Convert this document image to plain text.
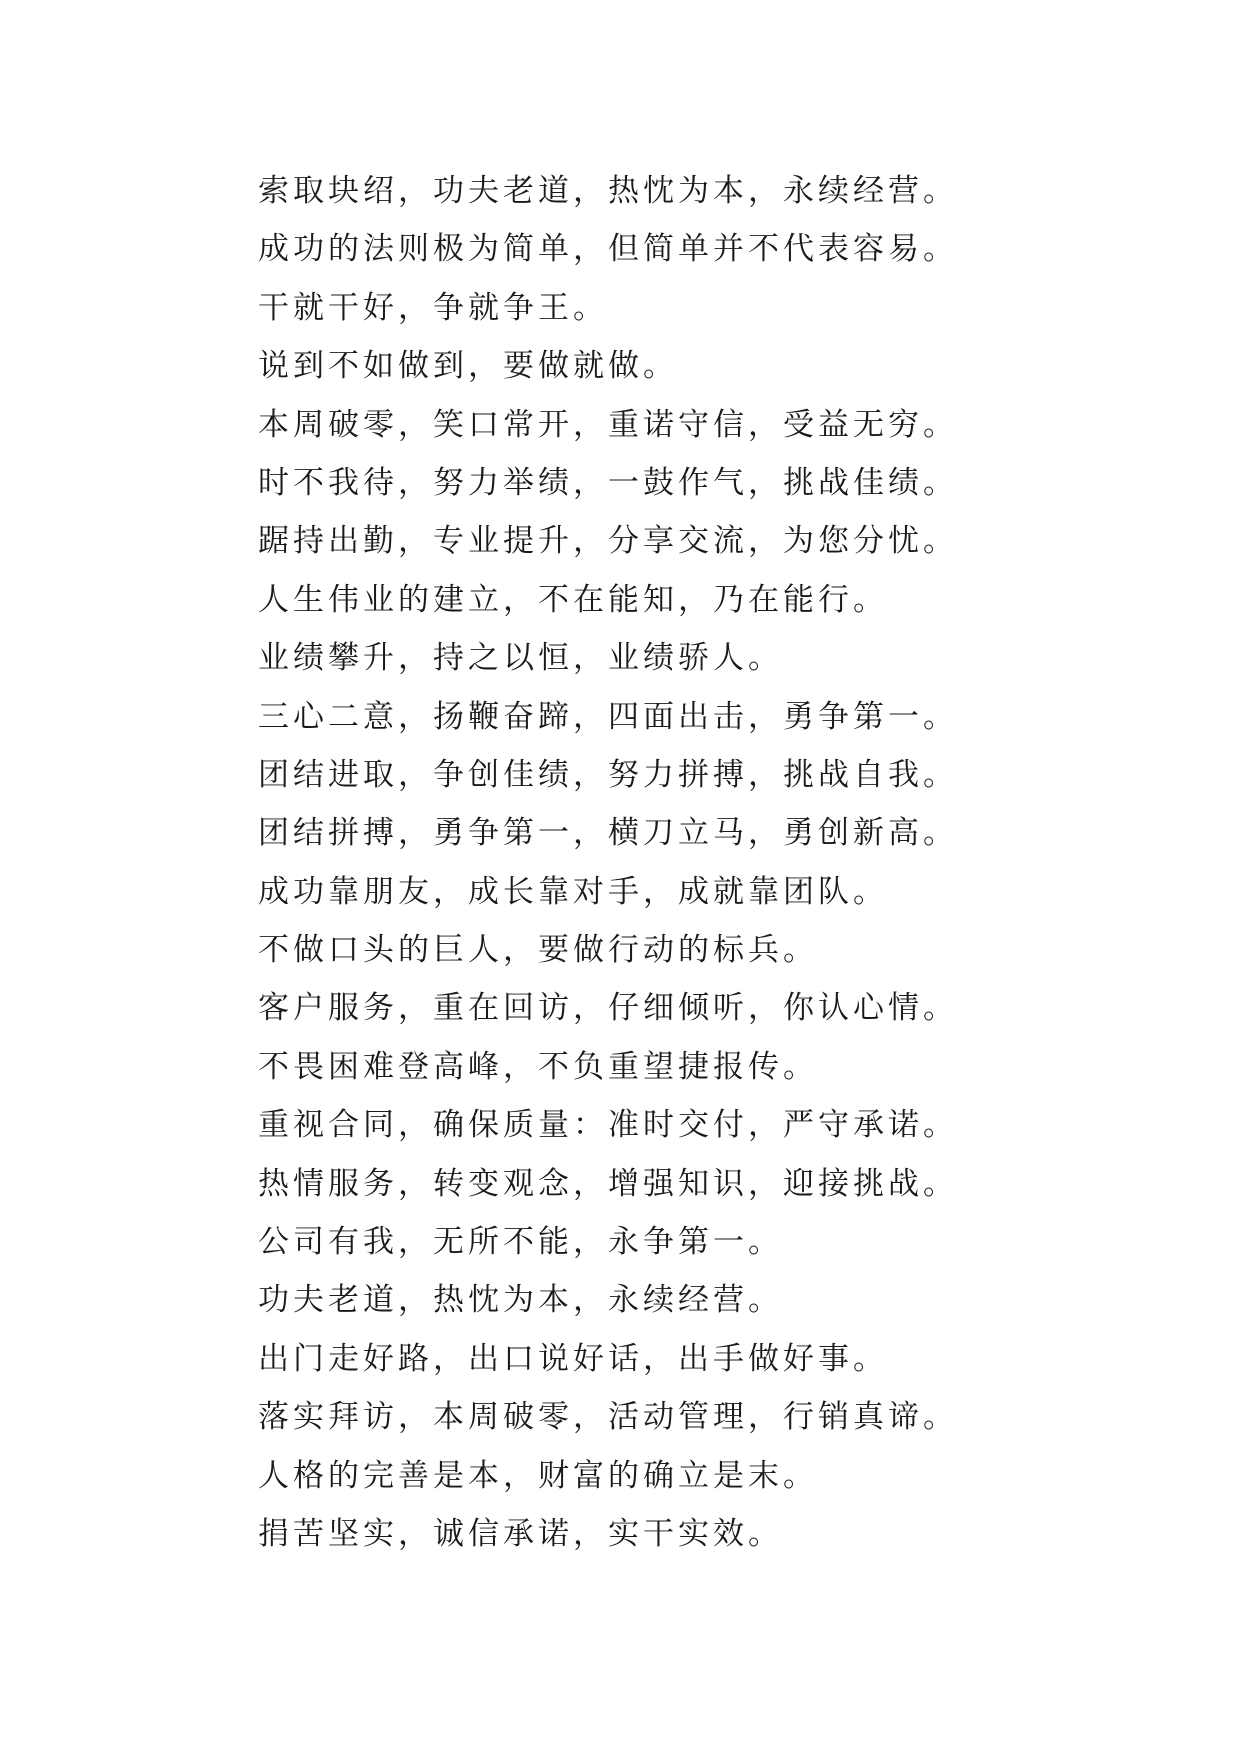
索取块绍，功夫老道，热忱为本，永续经营。
成功的法则极为简单，但简单并不代表容易。
干就干好，争就争王。
说到不如做到，要做就做。
本周破零，笑口常开，重诺守信，受益无穷。
时不我待，努力举绩，一鼓作气，挑战佳绩。
踞持出勤，专业提升，分享交流，为您分忧。
人生伟业的建立，不在能知，乃在能行。
业绩攀升，持之以恒，业绩骄人。
三心二意，扬鞭奋蹄，四面出击，勇争第一。
团结进取，争创佳绩，努力拼搏，挑战自我。
团结拼搏，勇争第一，横刀立马，勇创新高。
成功靠朋友，成长靠对手，成就靠团队。
不做口头的巨人，要做行动的标兵。
客户服务，重在回访，仔细倾听，你认心情。
不畏困难登高峰，不负重望捷报传。
重视合同，确保质量：准时交付，严守承诺。
热情服务，转变观念，增强知识，迎接挑战。
公司有我，无所不能，永争第一。
功夫老道，热忱为本，永续经营。
出门走好路，出口说好话，出手做好事。
落实拜访，本周破零，活动管理，行销真谛。
人格的完善是本，财富的确立是末。
捐苦坚实，诚信承诺，实干实效。
